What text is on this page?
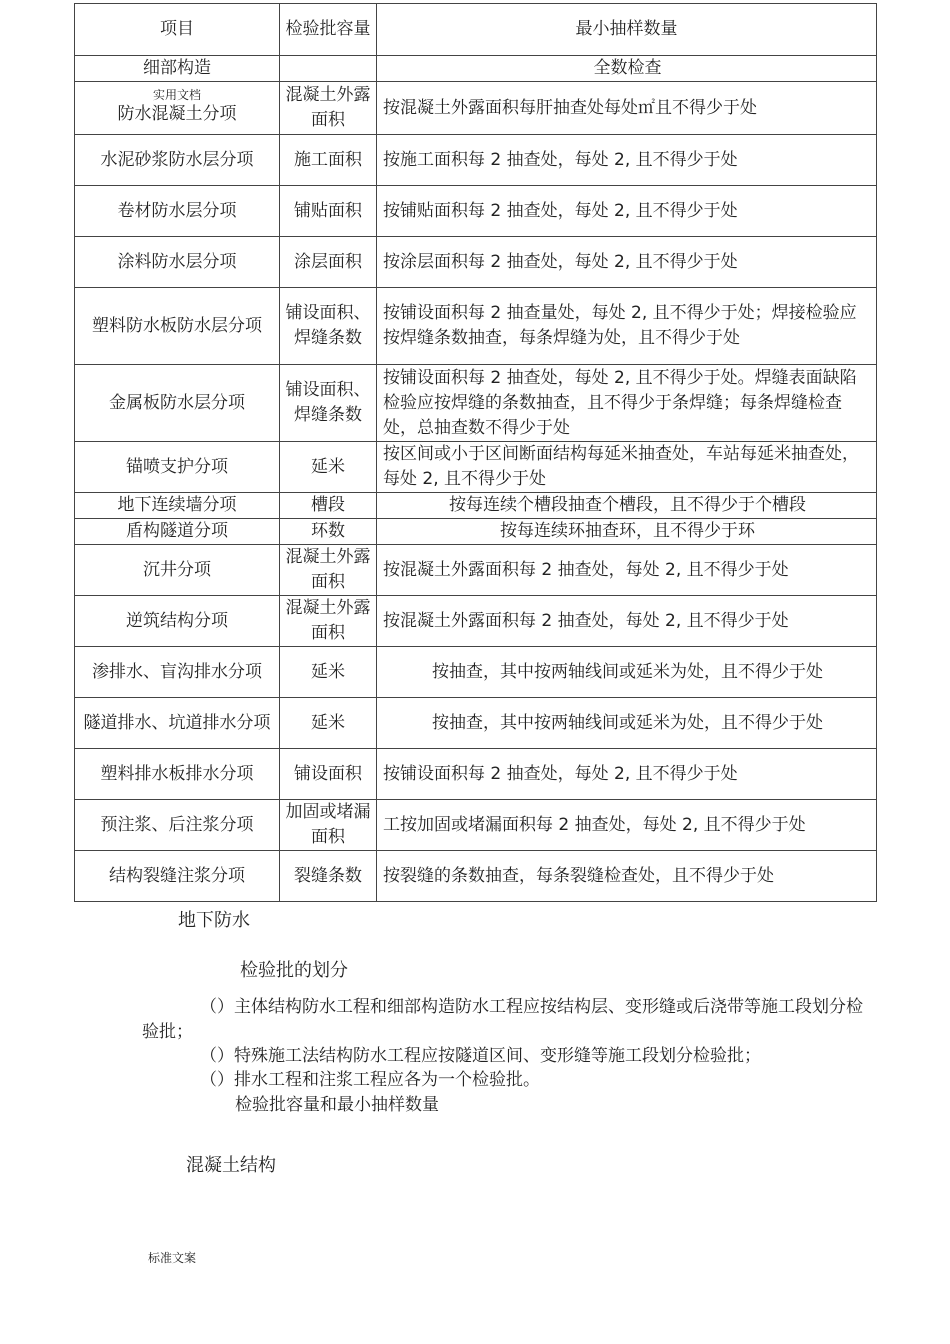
项目	检验批容量	最小抽样数量
细部构造		全数检查

实用文档
防水混凝土分项	混凝土外露面积	按混凝土外露面积每肝抽查处每处㎡且不得少于处
水泥砂浆防水层分项	施工面积	按施工面积每 2 抽查处，每处 2, 且不得少于处
卷材防水层分项	铺贴面积	按铺贴面积每 2 抽查处，每处 2, 且不得少于处
涂料防水层分项	涂层面积	按涂层面积每 2 抽查处，每处 2, 且不得少于处
塑料防水板防水层分项	铺设面积、焊缝条数	按铺设面积每 2 抽查量处，每处 2, 且不得少于处；焊接检验应按焊缝条数抽查，每条焊缝为处，且不得少于处
金属板防水层分项	铺设面积、焊缝条数	按铺设面积每 2 抽查处，每处 2, 且不得少于处。焊缝表面缺陷检验应按焊缝的条数抽查，且不得少于条焊缝；每条焊缝检查处，总抽查数不得少于处
锚喷支护分项	延米	按区间或小于区间断面结构每延米抽查处，车站每延米抽查处，每处 2, 且不得少于处
地下连续墙分项	槽段	按每连续个槽段抽查个槽段，且不得少于个槽段
盾构隧道分项	环数	按每连续环抽查环，且不得少于环
沉井分项	混凝土外露面积	按混凝土外露面积每 2 抽查处，每处 2, 且不得少于处
逆筑结构分项	混凝土外露面积	按混凝土外露面积每 2 抽查处，每处 2, 且不得少于处
渗排水、盲沟排水分项	延米	按抽查，其中按两轴线间或延米为处，且不得少于处
隧道排水、坑道排水分项	延米	按抽查，其中按两轴线间或延米为处，且不得少于处
塑料排水板排水分项	铺设面积	按铺设面积每 2 抽查处，每处 2, 且不得少于处
预注浆、后注浆分项	加固或堵漏面积	工按加固或堵漏面积每 2 抽查处，每处 2, 且不得少于处
结构裂缝注浆分项	裂缝条数	按裂缝的条数抽查，每条裂缝检查处，且不得少于处
地下防水
检验批的划分
（）主体结构防水工程和细部构造防水工程应按结构层、变形缝或后浇带等施工段划分检验批；
（）特殊施工法结构防水工程应按隧道区间、变形缝等施工段划分检验批；
（）排水工程和注浆工程应各为一个检验批。
检验批容量和最小抽样数量
混凝土结构
标准文案
